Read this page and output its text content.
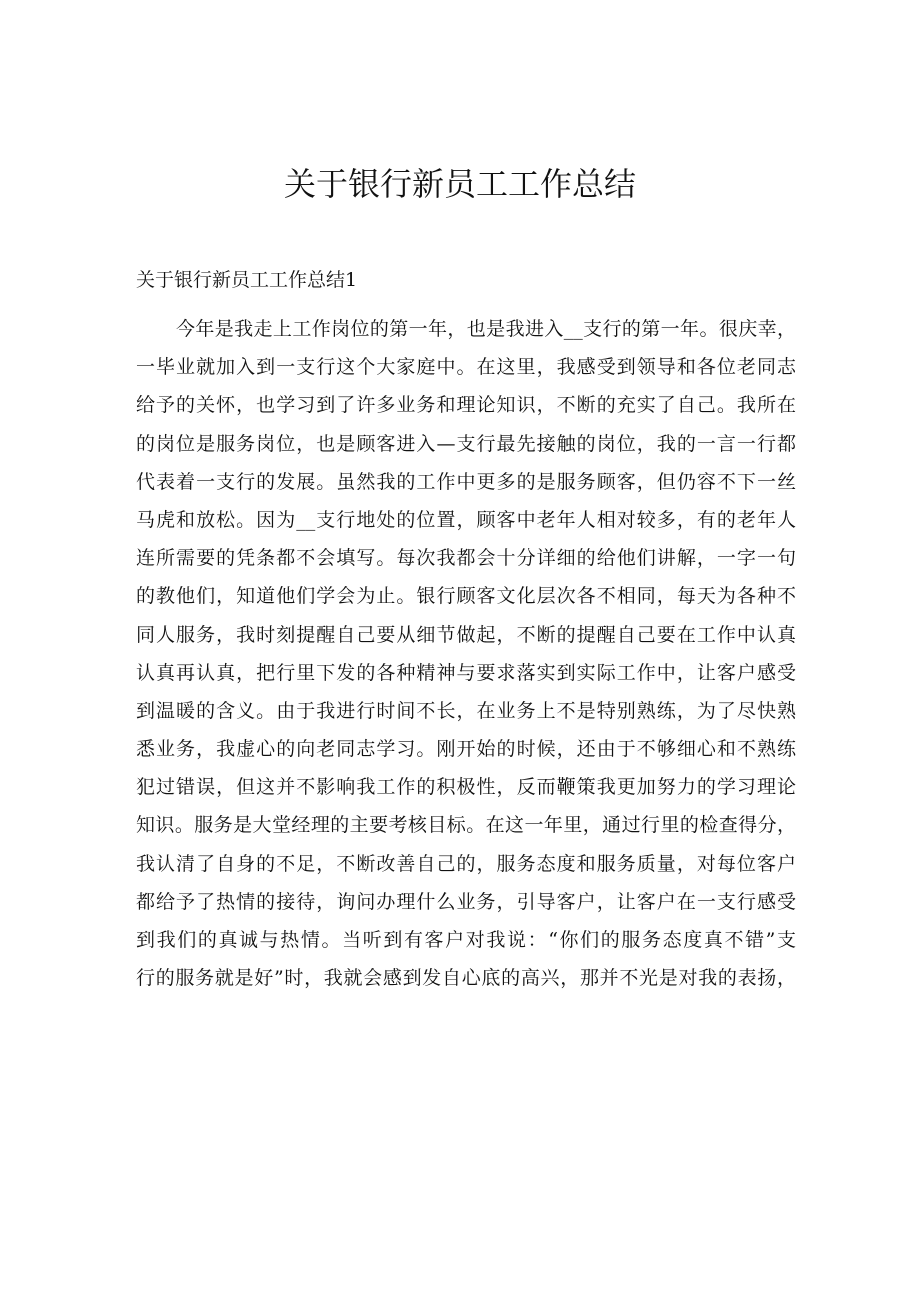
关于银行新员工工作总结

关于银行新员工工作总结1

今年是我走上工作岗位的第一年，也是我进入__支行的第一年。很庆幸，
一毕业就加入到一支行这个大家庭中。在这里，我感受到领导和各位老同志
给予的关怀，也学习到了许多业务和理论知识，不断的充实了自己。我所在
的岗位是服务岗位，也是顾客进入—支行最先接触的岗位，我的一言一行都
代表着一支行的发展。虽然我的工作中更多的是服务顾客，但仍容不下一丝
马虎和放松。因为__支行地处的位置，顾客中老年人相对较多，有的老年人
连所需要的凭条都不会填写。每次我都会十分详细的给他们讲解，一字一句
的教他们，知道他们学会为止。银行顾客文化层次各不相同，每天为各种不
同人服务，我时刻提醒自己要从细节做起，不断的提醒自己要在工作中认真
认真再认真，把行里下发的各种精神与要求落实到实际工作中，让客户感受
到温暖的含义。由于我进行时间不长，在业务上不是特别熟练，为了尽快熟
悉业务，我虚心的向老同志学习。刚开始的时候，还由于不够细心和不熟练
犯过错误，但这并不影响我工作的积极性，反而鞭策我更加努力的学习理论
知识。服务是大堂经理的主要考核目标。在这一年里，通过行里的检查得分，
我认清了自身的不足，不断改善自己的，服务态度和服务质量，对每位客户
都给予了热情的接待，询问办理什么业务，引导客户，让客户在一支行感受
到我们的真诚与热情。当听到有客户对我说：“你们的服务态度真不错”支
行的服务就是好”时，我就会感到发自心底的高兴，那并不光是对我的表扬，
